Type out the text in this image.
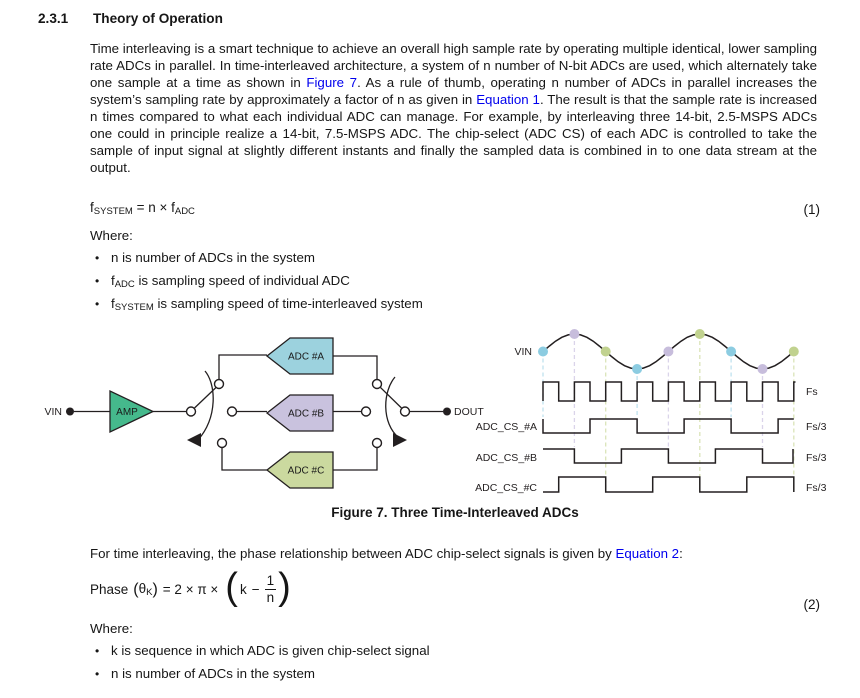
2.3.1 Theory of Operation
Time interleaving is a smart technique to achieve an overall high sample rate by operating multiple identical, lower sampling rate ADCs in parallel. In time-interleaved architecture, a system of n number of N-bit ADCs are used, which alternately take one sample at a time as shown in Figure 7. As a rule of thumb, operating n number of ADCs in parallel increases the system’s sampling rate by approximately a factor of n as given in Equation 1. The result is that the sample rate is increased n times compared to what each individual ADC can manage. For example, by interleaving three 14-bit, 2.5-MSPS ADCs one could in principle realize a 14-bit, 7.5-MSPS ADC. The chip-select (ADC CS) of each ADC is controlled to take the sample of input signal at slightly different instants and finally the sampled data is combined in to one data stream at the output.
$f_{SYSTEM} = n \times f_{ADC}$	(1)
Where:
• n is number of ADCs in the system
• $f_{ADC}$ is sampling speed of individual ADC
• $f_{SYSTEM}$ is sampling speed of time-interleaved system
VIN	AMP
ADC #A
ADC #B
ADC #C
DOUT
VIN
Fs
ADC_CS_#A	Fs/3
ADC_CS_#B	Fs/3
ADC_CS_#C	Fs/3
Figure 7. Three Time-Interleaved ADCs
For time interleaving, the phase relationship between ADC chip-select signals is given by Equation 2:
Phase $(\theta_K) = 2 \times \pi$ × ( $k - \frac{1}{n}$ )	(2)
Where:
• k is sequence in which ADC is given chip-select signal
• n is number of ADCs in the system
